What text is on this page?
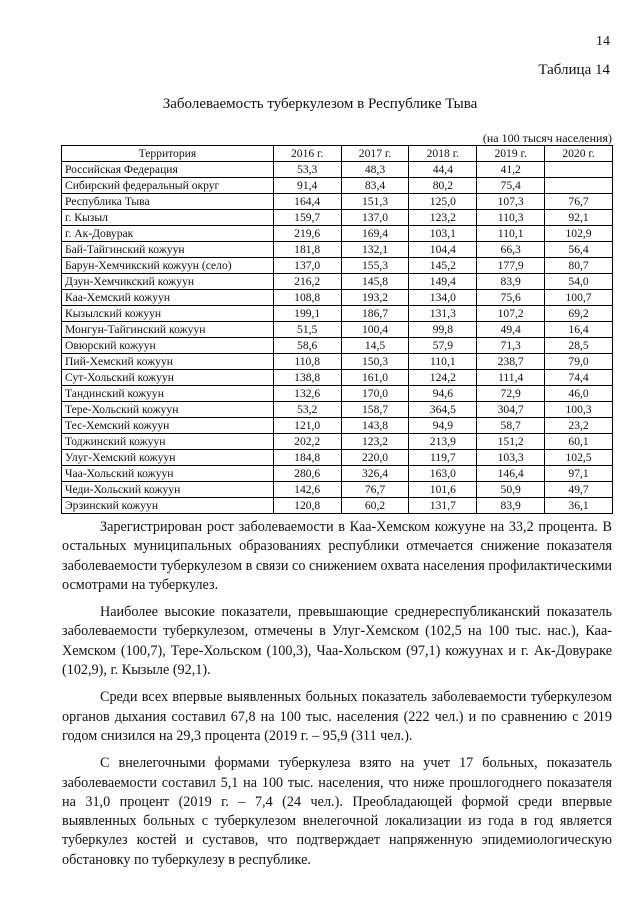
14
Таблица 14
Заболеваемость туберкулезом в Республике Тыва
(на 100 тысяч населения)
Территория	2016 г.	2017 г.	2018 г.	2019 г.	2020 г.
Российская Федерация	53,3	48,3	44,4	41,2	
Сибирский федеральный округ	91,4	83,4	80,2	75,4	
Республика Тыва	164,4	151,3	125,0	107,3	76,7
г. Кызыл	159,7	137,0	123,2	110,3	92,1
г. Ак-Довурак	219,6	169,4	103,1	110,1	102,9
Бай-Тайгинский кожуун	181,8	132,1	104,4	66,3	56,4
Барун-Хемчикский кожуун (село)	137,0	155,3	145,2	177,9	80,7
Дзун-Хемчикский кожуун	216,2	145,8	149,4	83,9	54,0
Каа-Хемский кожуун	108,8	193,2	134,0	75,6	100,7
Кызылский кожуун	199,1	186,7	131,3	107,2	69,2
Монгун-Тайгинский кожуун	51,5	100,4	99,8	49,4	16,4
Овюрский кожуун	58,6	14,5	57,9	71,3	28,5
Пий-Хемский кожуун	110,8	150,3	110,1	238,7	79,0
Сут-Хольский кожуун	138,8	161,0	124,2	111,4	74,4
Тандинский кожуун	132,6	170,0	94,6	72,9	46,0
Тере-Хольский кожуун	53,2	158,7	364,5	304,7	100,3
Тес-Хемский кожуун	121,0	143,8	94,9	58,7	23,2
Тоджинский кожуун	202,2	123,2	213,9	151,2	60,1
Улуг-Хемский кожуун	184,8	220,0	119,7	103,3	102,5
Чаа-Хольский кожуун	280,6	326,4	163,0	146,4	97,1
Чеди-Хольский кожуун	142,6	76,7	101,6	50,9	49,7
Эрзинский кожуун	120,8	60,2	131,7	83,9	36,1

Зарегистрирован рост заболеваемости в Каа-Хемском кожууне на 33,2 процента. В остальных муниципальных образованиях республики отмечается снижение показателя заболеваемости туберкулезом в связи со снижением охвата населения профилактическими осмотрами на туберкулез.

Наиболее высокие показатели, превышающие среднереспубликанский показатель заболеваемости туберкулезом, отмечены в Улуг-Хемском (102,5 на 100 тыс. нас.), Каа-Хемском (100,7), Тере-Хольском (100,3), Чаа-Хольском (97,1) кожуунах и г. Ак-Довураке (102,9), г. Кызыле (92,1).

Среди всех впервые выявленных больных показатель заболеваемости туберкулезом органов дыхания составил 67,8 на 100 тыс. населения (222 чел.) и по сравнению с 2019 годом снизился на 29,3 процента (2019 г. – 95,9 (311 чел.).

С внелегочными формами туберкулеза взято на учет 17 больных, показатель заболеваемости составил 5,1 на 100 тыс. населения, что ниже прошлогоднего показателя на 31,0 процент (2019 г. – 7,4 (24 чел.). Преобладающей формой среди впервые выявленных больных с туберкулезом внелегочной локализации из года в год является туберкулез костей и суставов, что подтверждает напряженную эпидемиологическую обстановку по туберкулезу в республике.
